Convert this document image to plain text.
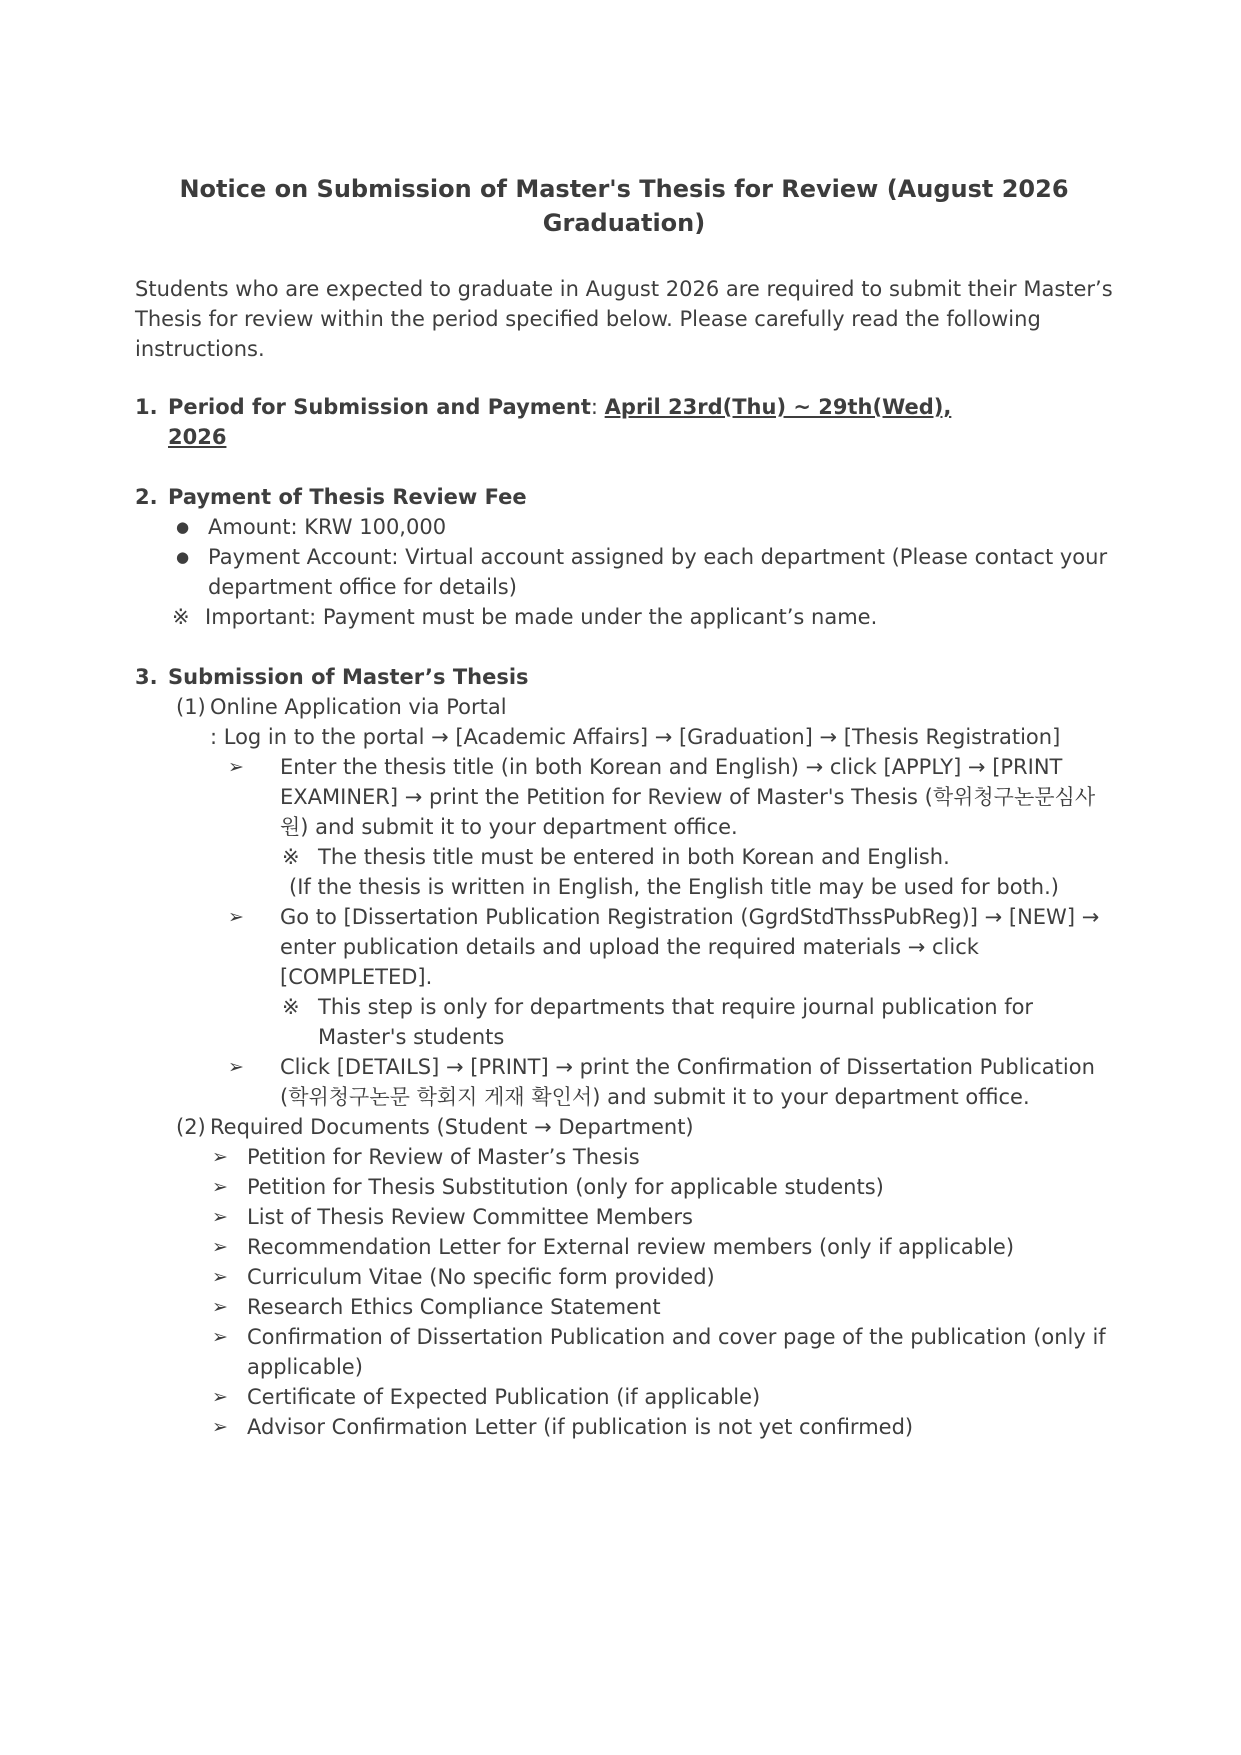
Notice on Submission of Master's Thesis for Review (August 2026 Graduation)

Students who are expected to graduate in August 2026 are required to submit their Master’s Thesis for review within the period specified below. Please carefully read the following instructions.

1. Period for Submission and Payment: April 23rd(Thu) ~ 29th(Wed),
2026
2. Payment of Thesis Review Fee
● Amount: KRW 100,000
● Payment Account: Virtual account assigned by each department (Please contact your department office for details)
※ Important: Payment must be made under the applicant’s name.
3. Submission of Master’s Thesis
(1) Online Application via Portal
: Log in to the portal → [Academic Affairs] → [Graduation] → [Thesis Registration]
➢	Enter the thesis title (in both Korean and English) → click [APPLY] → [PRINT EXAMINER] → print the Petition for Review of Master's Thesis (학위청구논문심사원) and submit it to your department office.
※ The thesis title must be entered in both Korean and English.
(If the thesis is written in English, the English title may be used for both.)
➢	Go to [Dissertation Publication Registration (GgrdStdThssPubReg)] → [NEW] → enter publication details and upload the required materials → click [COMPLETED].
※ This step is only for departments that require journal publication for Master's students
➢	Click [DETAILS] → [PRINT] → print the Confirmation of Dissertation Publication (학위청구논문 학회지 게재 확인서) and submit it to your department office.
(2) Required Documents (Student → Department)
➢ Petition for Review of Master’s Thesis
➢ Petition for Thesis Substitution (only for applicable students)
➢ List of Thesis Review Committee Members
➢ Recommendation Letter for External review members (only if applicable)
➢ Curriculum Vitae (No specific form provided)
➢ Research Ethics Compliance Statement
➢ Confirmation of Dissertation Publication and cover page of the publication (only if applicable)
➢ Certificate of Expected Publication (if applicable)
➢ Advisor Confirmation Letter (if publication is not yet confirmed)
